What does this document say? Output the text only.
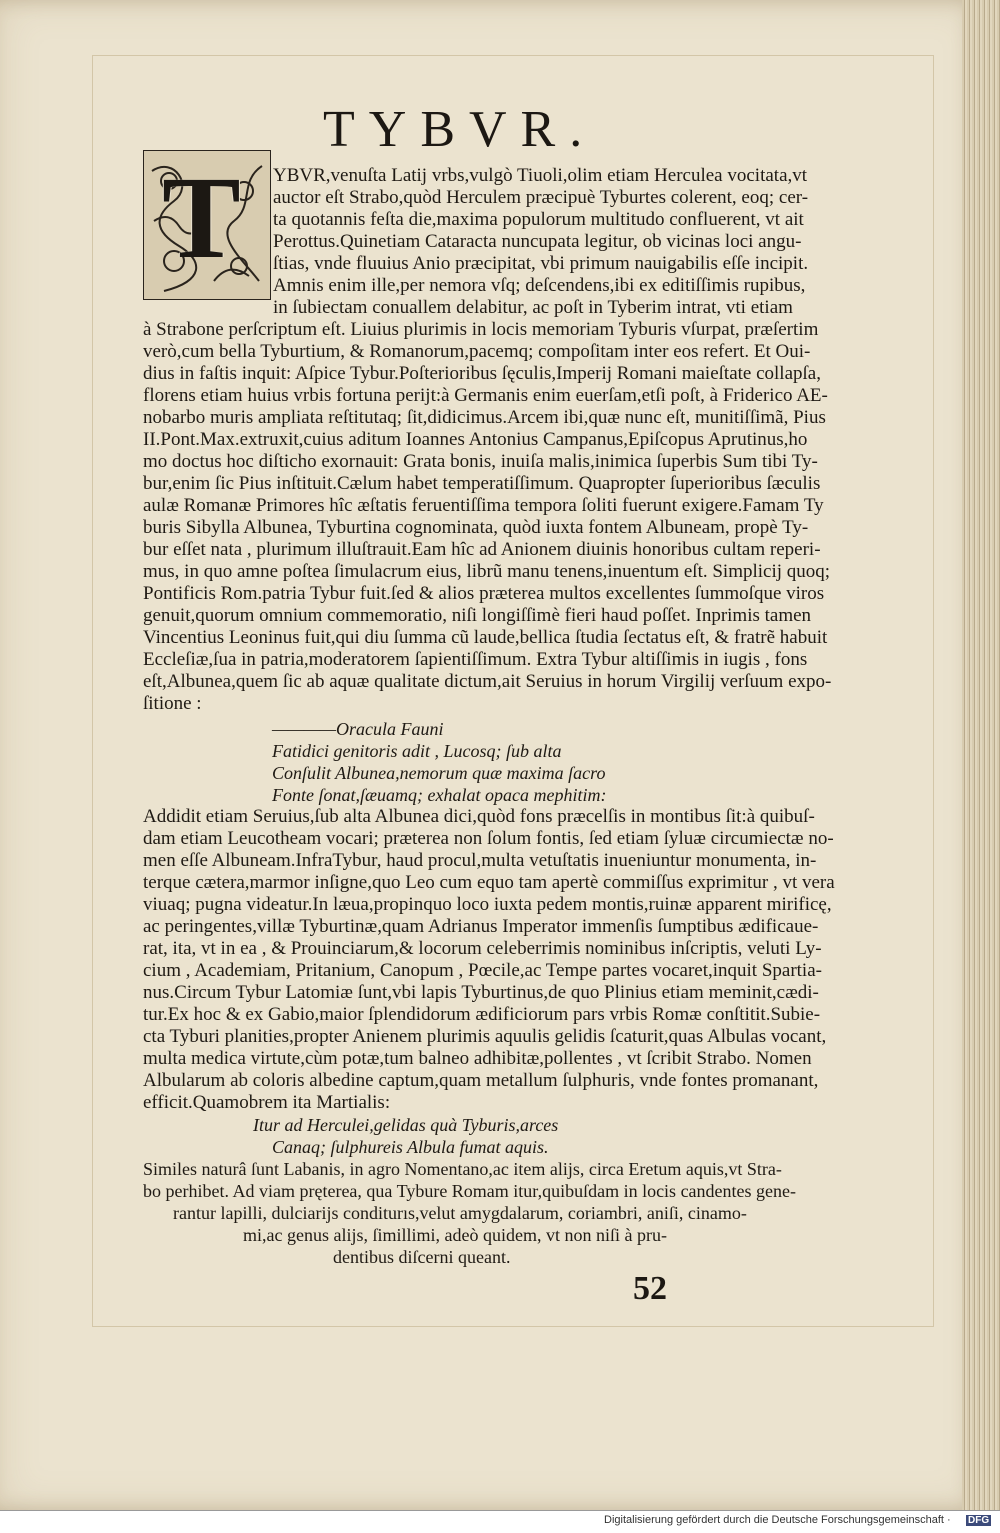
TYBVR.
T YBVR,venuſta Latij vrbs,vulgò Tiuoli,olim etiam Herculea vocitata,vt

auctor eſt Strabo,quòd Herculem præcipuè Tyburtes colerent, eoq; cer-

ta quotannis feſta die,maxima populorum multitudo confluerent, vt ait

Perottus.Quinetiam Cataracta nuncupata legitur, ob vicinas loci angu-

ſtias, vnde fluuius Anio præcipitat, vbi primum nauigabilis eſſe incipit.

Amnis enim ille,per nemora vſq; deſcendens,ibi ex editiſſimis rupibus,

in ſubiectam conuallem delabitur, ac poſt in Tyberim intrat, vti etiam

à Strabone perſcriptum eſt. Liuius plurimis in locis memoriam Tyburis vſurpat, præſertim

verò,cum bella Tyburtium, & Romanorum,pacemq; compoſitam inter eos refert. Et Oui-

dius in faſtis inquit: Aſpice Tybur.Poſterioribus ſęculis,Imperij Romani maieſtate collapſa,

florens etiam huius vrbis fortuna perijt:à Germanis enim euerſam,etſi poſt, à Friderico AE-

nobarbo muris ampliata reſtitutaq; ſit,didicimus.Arcem ibi,quæ nunc eſt, munitiſſimã, Pius

II.Pont.Max.extruxit,cuius aditum Ioannes Antonius Campanus,Epiſcopus Aprutinus,ho

mo doctus hoc diſticho exornauit: Grata bonis, inuiſa malis,inimica ſuperbis Sum tibi Ty-

bur,enim ſic Pius inſtituit.Cælum habet temperatiſſimum. Quapropter ſuperioribus ſæculis

aulæ Romanæ Primores hîc æſtatis feruentiſſima tempora ſoliti fuerunt exigere.Famam Ty

buris Sibylla Albunea, Tyburtina cognominata, quòd iuxta fontem Albuneam, propè Ty-

bur eſſet nata , plurimum illuſtrauit.Eam hîc ad Anionem diuinis honoribus cultam reperi-

mus, in quo amne poſtea ſimulacrum eius, librũ manu tenens,inuentum eſt. Simplicij quoq;

Pontificis Rom.patria Tybur fuit.ſed & alios præterea multos excellentes ſummoſque viros

genuit,quorum omnium commemoratio, niſi longiſſimè fieri haud poſſet. Inprimis tamen

Vincentius Leoninus fuit,qui diu ſumma cũ laude,bellica ſtudia ſectatus eſt, & fratrẽ habuit

Eccleſiæ,ſua in patria,moderatorem ſapientiſſimum. Extra Tybur altiſſimis in iugis , fons

eſt,Albunea,quem ſic ab aquæ qualitate dictum,ait Seruius in horum Virgilij verſuum expo-

ſitione :

————Oracula Fauni

Fatidici genitoris adit , Lucosq; ſub alta

Conſulit Albunea,nemorum quæ maxima ſacro

Fonte ſonat,ſæuamq; exhalat opaca mephitim:

Addidit etiam Seruius,ſub alta Albunea dici,quòd fons præcelſis in montibus ſit:à quibuſ-

dam etiam Leucotheam vocari; præterea non ſolum fontis, ſed etiam ſyluæ circumiectæ no-

men eſſe Albuneam.InfraTybur, haud procul,multa vetuſtatis inueniuntur monumenta, in-

terque cætera,marmor inſigne,quo Leo cum equo tam apertè commiſſus exprimitur , vt vera

viuaq; pugna videatur.In læua,propinquo loco iuxta pedem montis,ruinæ apparent mirificę,

ac peringentes,villæ Tyburtinæ,quam Adrianus Imperator immenſis ſumptibus ædificaue-

rat, ita, vt in ea , & Prouinciarum,& locorum celeberrimis nominibus inſcriptis, veluti Ly-

cium , Academiam, Pritanium, Canopum , Pœcile,ac Tempe partes vocaret,inquit Spartia-

nus.Circum Tybur Latomiæ ſunt,vbi lapis Tyburtinus,de quo Plinius etiam meminit,cædi-

tur.Ex hoc & ex Gabio,maior ſplendidorum ædificiorum pars vrbis Romæ conſtitit.Subie-

cta Tyburi planities,propter Anienem plurimis aquulis gelidis ſcaturit,quas Albulas vocant,

multa medica virtute,cùm potæ,tum balneo adhibitæ,pollentes , vt ſcribit Strabo. Nomen

Albularum ab coloris albedine captum,quam metallum ſulphuris, vnde fontes promanant,

efficit.Quamobrem ita Martialis:

Itur ad Herculei,gelidas quà Tyburis,arces

Canaq; ſulphureis Albula fumat aquis.

Similes naturâ ſunt Labanis, in agro Nomentano,ac item alijs, circa Eretum aquis,vt Stra-

bo perhibet. Ad viam pręterea, qua Tybure Romam itur,quibuſdam in locis candentes gene-

rantur lapilli, dulciarijs conditurıs,velut amygdalarum, coriambri, aniſi, cinamo-

mi,ac genus alijs, ſimillimi, adeò quidem, vt non niſi à pru-

dentibus diſcerni queant.

52

Digitalisierung gefördert durch die Deutsche Forschungsgemeinschaft · DFG
